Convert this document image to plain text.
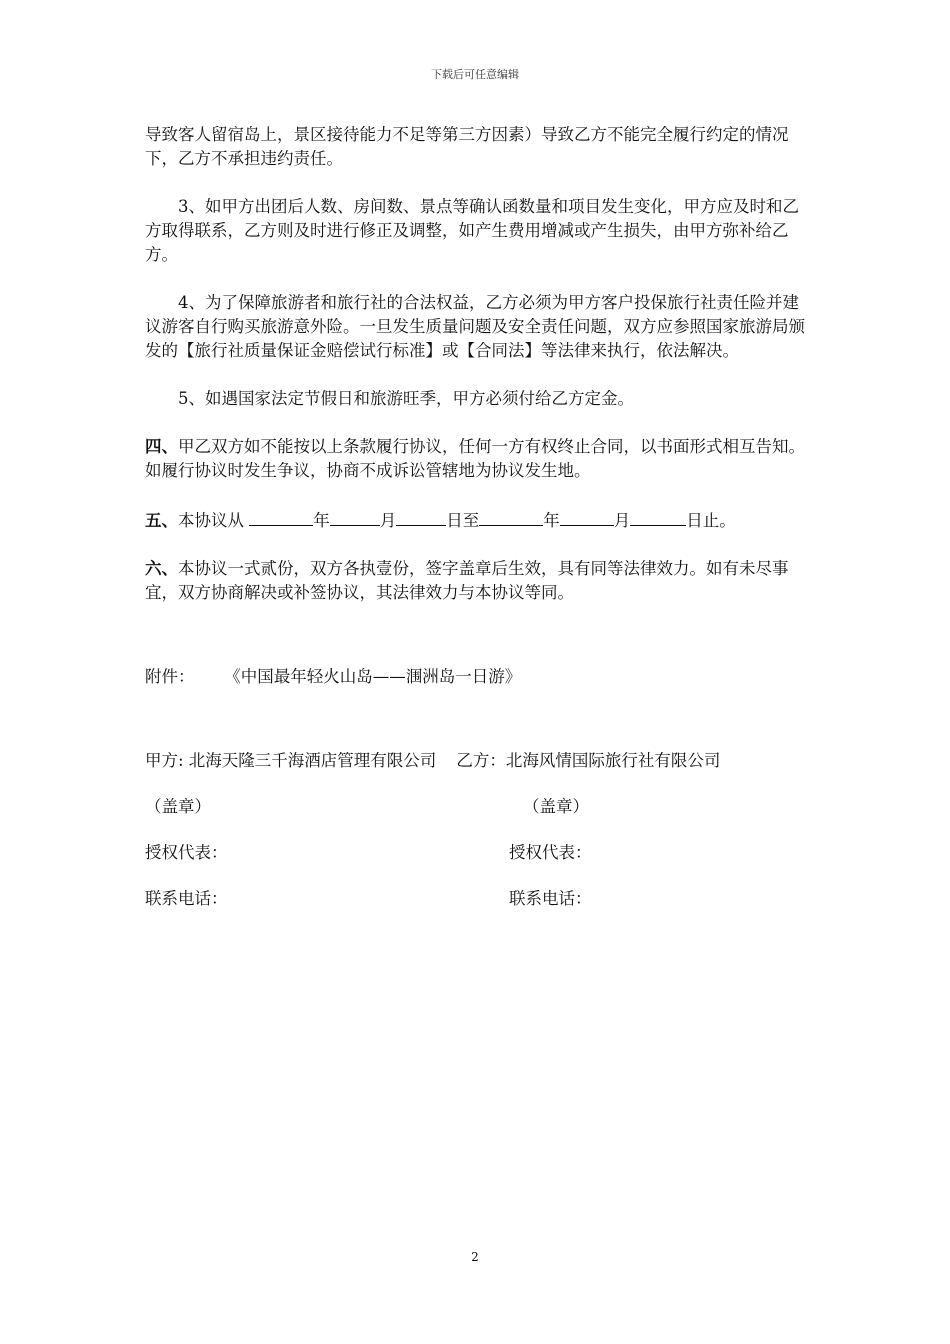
下载后可任意编辑

导致客人留宿岛上，景区接待能力不足等第三方因素）导致乙方不能完全履行约定的情况下，乙方不承担违约责任。

3、如甲方出团后人数、房间数、景点等确认函数量和项目发生变化，甲方应及时和乙方取得联系，乙方则及时进行修正及调整，如产生费用增减或产生损失，由甲方弥补给乙方。

4、为了保障旅游者和旅行社的合法权益，乙方必须为甲方客户投保旅行社责任险并建议游客自行购买旅游意外险。一旦发生质量问题及安全责任问题，双方应参照国家旅游局颁发的【旅行社质量保证金赔偿试行标准】或【合同法】等法律来执行，依法解决。

5、如遇国家法定节假日和旅游旺季，甲方必须付给乙方定金。

四、甲乙双方如不能按以上条款履行协议，任何一方有权终止合同，以书面形式相互告知。如履行协议时发生争议，协商不成诉讼管辖地为协议发生地。

五、本协议从	年	月	日至	年	月	日止。

六、本协议一式贰份，双方各执壹份，签字盖章后生效，具有同等法律效力。如有未尽事宜，双方协商解决或补签协议，其法律效力与本协议等同。

附件： 《中国最年轻火山岛——涠洲岛一日游》

甲方: 北海天隆三千海酒店管理有限公司 乙方：北海风情国际旅行社有限公司

（盖章）	（盖章）
授权代表：	授权代表：
联系电话：	联系电话：
2
